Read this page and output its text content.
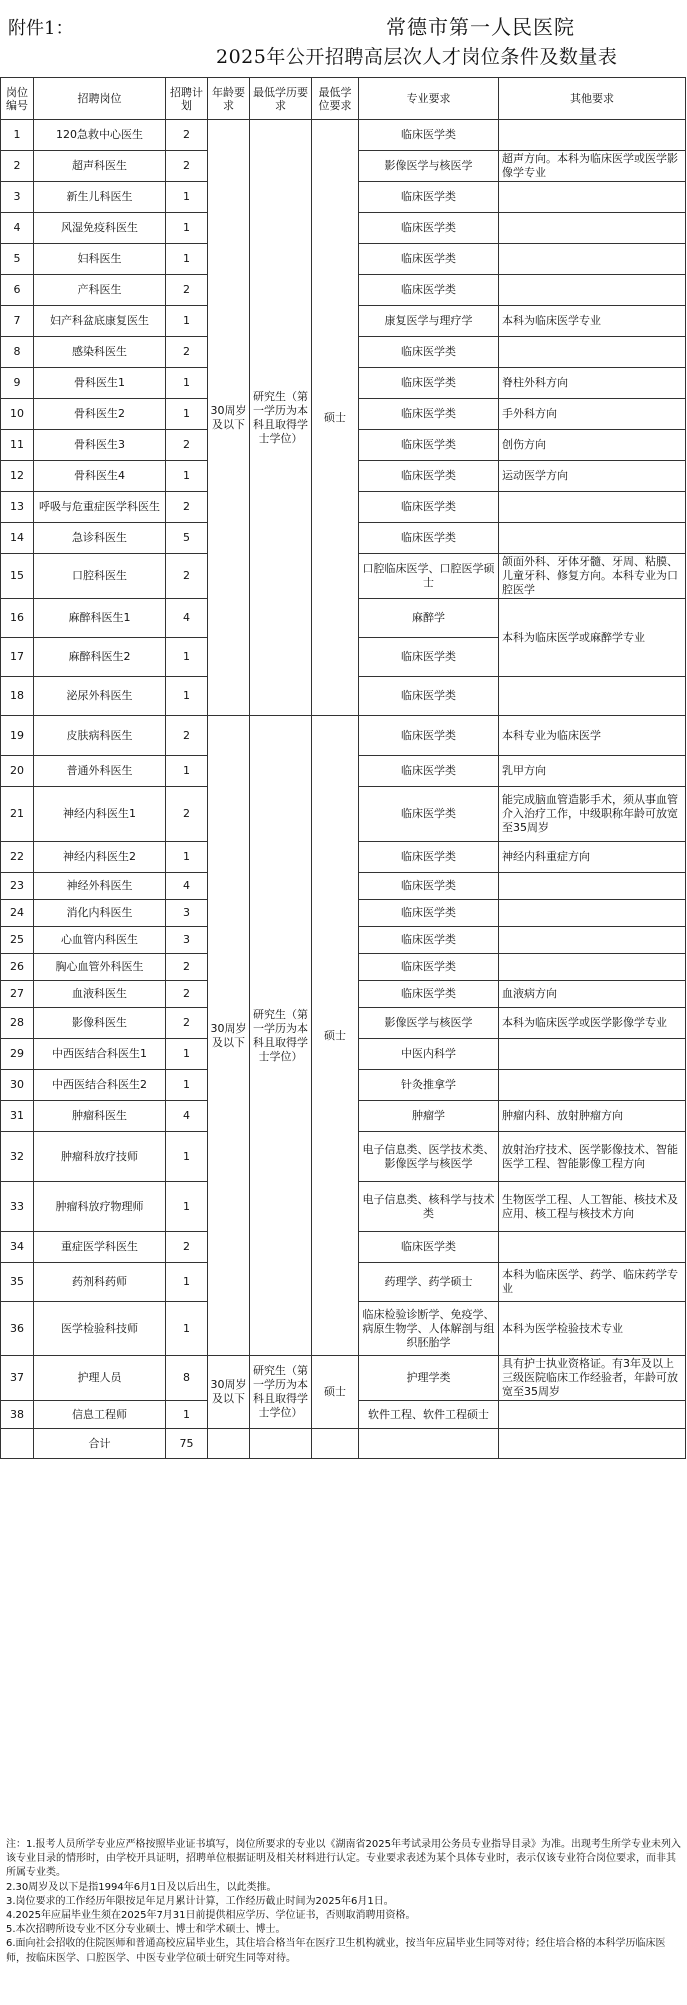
附件1：	常德市第一人民医院
2025年公开招聘高层次人才岗位条件及数量表
岗位编号	招聘岗位	招聘计划	年龄要求	最低学历要求	最低学位要求	专业要求	其他要求
1	120急救中心医生	2	30周岁及以下	研究生（第一学历为本科且取得学士学位）	硕士	临床医学类	
2	超声科医生	2				影像医学与核医学	超声方向。本科为临床医学或医学影像学专业
3	新生儿科医生	1				临床医学类	
4	风湿免疫科医生	1				临床医学类	
5	妇科医生	1				临床医学类	
6	产科医生	2				临床医学类	
7	妇产科盆底康复医生	1				康复医学与理疗学	本科为临床医学专业
8	感染科医生	2				临床医学类	
9	骨科医生1	1				临床医学类	脊柱外科方向
10	骨科医生2	1				临床医学类	手外科方向
11	骨科医生3	2				临床医学类	创伤方向
12	骨科医生4	1				临床医学类	运动医学方向
13	呼吸与危重症医学科医生	2				临床医学类	
14	急诊科医生	5				临床医学类	
15	口腔科医生	2				口腔临床医学、口腔医学硕士	颌面外科、牙体牙髓、牙周、粘膜、儿童牙科、修复方向。本科专业为口腔医学
16	麻醉科医生1	4				麻醉学	本科为临床医学或麻醉学专业
17	麻醉科医生2	1				临床医学类	
18	泌尿外科医生	1				临床医学类	
19	皮肤病科医生	2	30周岁及以下	研究生（第一学历为本科且取得学士学位）	硕士	临床医学类	本科专业为临床医学
20	普通外科医生	1				临床医学类	乳甲方向
21	神经内科医生1	2				临床医学类	能完成脑血管造影手术，须从事血管介入治疗工作，中级职称年龄可放宽至35周岁
22	神经内科医生2	1				临床医学类	神经内科重症方向
23	神经外科医生	4				临床医学类	
24	消化内科医生	3				临床医学类	
25	心血管内科医生	3				临床医学类	
26	胸心血管外科医生	2				临床医学类	
27	血液科医生	2				临床医学类	血液病方向
28	影像科医生	2				影像医学与核医学	本科为临床医学或医学影像学专业
29	中西医结合科医生1	1				中医内科学	
30	中西医结合科医生2	1				针灸推拿学	
31	肿瘤科医生	4				肿瘤学	肿瘤内科、放射肿瘤方向
32	肿瘤科放疗技师	1				电子信息类、医学技术类、影像医学与核医学	放射治疗技术、医学影像技术、智能医学工程、智能影像工程方向
33	肿瘤科放疗物理师	1				电子信息类、核科学与技术类	生物医学工程、人工智能、核技术及应用、核工程与核技术方向
34	重症医学科医生	2				临床医学类	
35	药剂科药师	1				药理学、药学硕士	本科为临床医学、药学、临床药学专业
36	医学检验科技师	1				临床检验诊断学、免疫学、病原生物学、人体解剖与组织胚胎学	本科为医学检验技术专业
37	护理人员	8	30周岁及以下	研究生（第一学历为本科且取得学士学位）	硕士	护理学类	具有护士执业资格证。有3年及以上三级医院临床工作经验者，年龄可放宽至35周岁
38	信息工程师	1				软件工程、软件工程硕士	
	合计	75					
注：1.报考人员所学专业应严格按照毕业证书填写，岗位所要求的专业以《湖南省2025年考试录用公务员专业指导目录》为准。出现考生所学专业未列入该专业目录的情形时，由学校开具证明，招聘单位根据证明及相关材料进行认定。专业要求表述为某个具体专业时，表示仅该专业符合岗位要求，而非其所属专业类。
2.30周岁及以下是指1994年6月1日及以后出生，以此类推。
3.岗位要求的工作经历年限按足年足月累计计算，工作经历截止时间为2025年6月1日。
4.2025年应届毕业生须在2025年7月31日前提供相应学历、学位证书，否则取消聘用资格。
5.本次招聘所设专业不区分专业硕士、博士和学术硕士、博士。
6.面向社会招收的住院医师和普通高校应届毕业生，其住培合格当年在医疗卫生机构就业，按当年应届毕业生同等对待；经住培合格的本科学历临床医师，按临床医学、口腔医学、中医专业学位硕士研究生同等对待。
